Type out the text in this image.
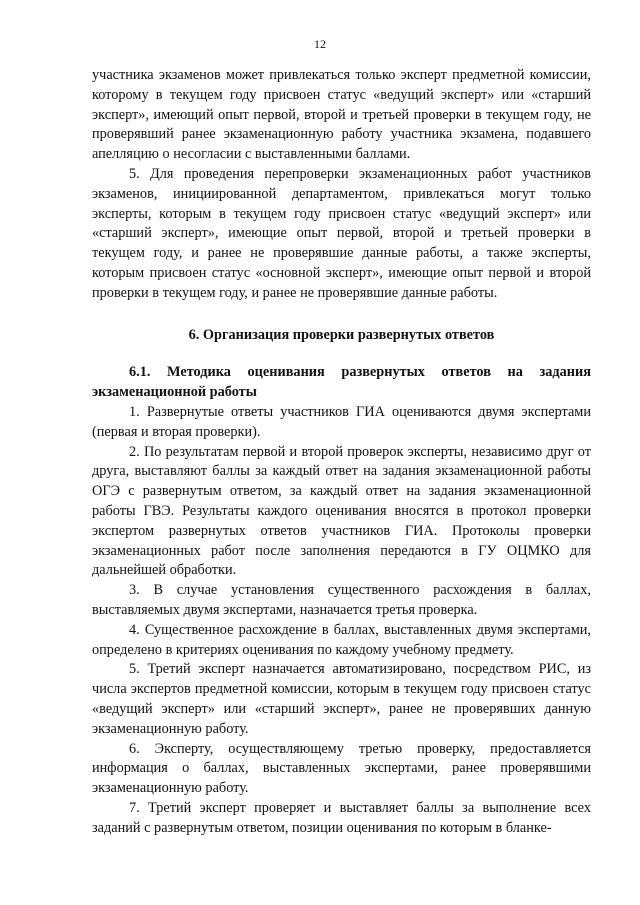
12

участника экзаменов может привлекаться только эксперт предметной комиссии, которому в текущем году присвоен статус «ведущий эксперт» или «старший эксперт», имеющий опыт первой, второй и третьей проверки в текущем году, не проверявший ранее экзаменационную работу участника экзамена, подавшего апелляцию о несогласии с выставленными баллами.

5. Для проведения перепроверки экзаменационных работ участников экзаменов, инициированной департаментом, привлекаться могут только эксперты, которым в текущем году присвоен статус «ведущий эксперт» или «старший эксперт», имеющие опыт первой, второй и третьей проверки в текущем году, и ранее не проверявшие данные работы, а также эксперты, которым присвоен статус «основной эксперт», имеющие опыт первой и второй проверки в текущем году, и ранее не проверявшие данные работы.

6. Организация проверки развернутых ответов

6.1. Методика оценивания развернутых ответов на задания экзаменационной работы

1. Развернутые ответы участников ГИА оцениваются двумя экспертами (первая и вторая проверки).

2. По результатам первой и второй проверок эксперты, независимо друг от друга, выставляют баллы за каждый ответ на задания экзаменационной работы ОГЭ с развернутым ответом, за каждый ответ на задания экзаменационной работы ГВЭ. Результаты каждого оценивания вносятся в протокол проверки экспертом развернутых ответов участников ГИА. Протоколы проверки экзаменационных работ после заполнения передаются в ГУ ОЦМКО для дальнейшей обработки.

3. В случае установления существенного расхождения в баллах, выставляемых двумя экспертами, назначается третья проверка.

4. Существенное расхождение в баллах, выставленных двумя экспертами, определено в критериях оценивания по каждому учебному предмету.

5. Третий эксперт назначается автоматизировано, посредством РИС, из числа экспертов предметной комиссии, которым в текущем году присвоен статус «ведущий эксперт» или «старший эксперт», ранее не проверявших данную экзаменационную работу.

6. Эксперту, осуществляющему третью проверку, предоставляется информация о баллах, выставленных экспертами, ранее проверявшими экзаменационную работу.

7. Третий эксперт проверяет и выставляет баллы за выполнение всех заданий с развернутым ответом, позиции оценивания по которым в бланке-
